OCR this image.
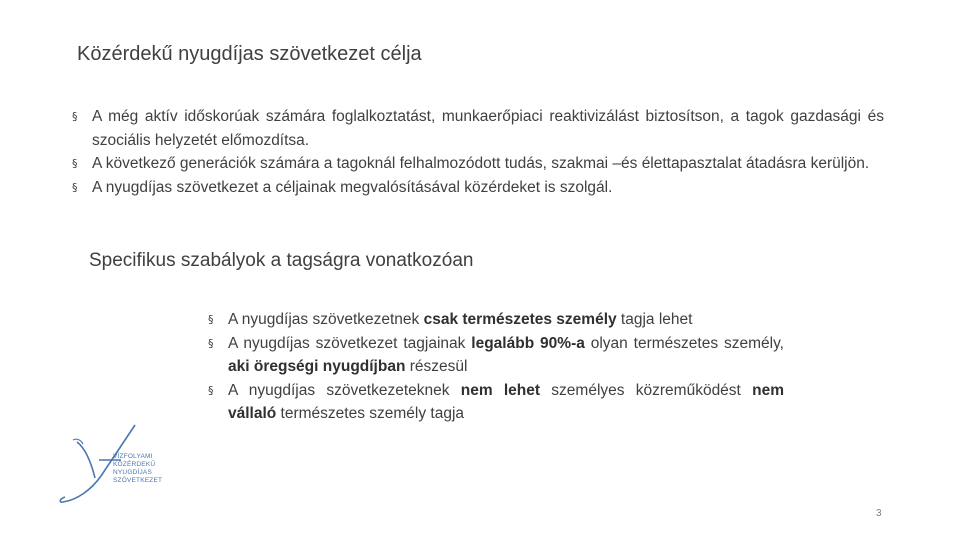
Közérdekű nyugdíjas szövetkezet célja
§ A még aktív időskorúak számára foglalkoztatást, munkaerőpiaci reaktivizálást biztosítson, a tagok gazdasági és szociális helyzetét előmozdítsa.
§ A következő generációk számára a tagoknál felhalmozódott tudás, szakmai –és élettapasztalat átadásra kerüljön.
§ A nyugdíjas szövetkezet a céljainak megvalósításával közérdeket is szolgál.
Specifikus szabályok a tagságra vonatkozóan
§ A nyugdíjas szövetkezetnek csak természetes személy tagja lehet
§ A nyugdíjas szövetkezet tagjainak legalább 90%-a olyan természetes személy, aki öregségi nyugdíjban részesül
§ A nyugdíjas szövetkezeteknek nem lehet személyes közreműködést nem vállaló természetes személy tagja
VÍZFOLYAMI
KÖZÉRDEKŰ
NYUGDÍJAS
SZÖVETKEZET
3
